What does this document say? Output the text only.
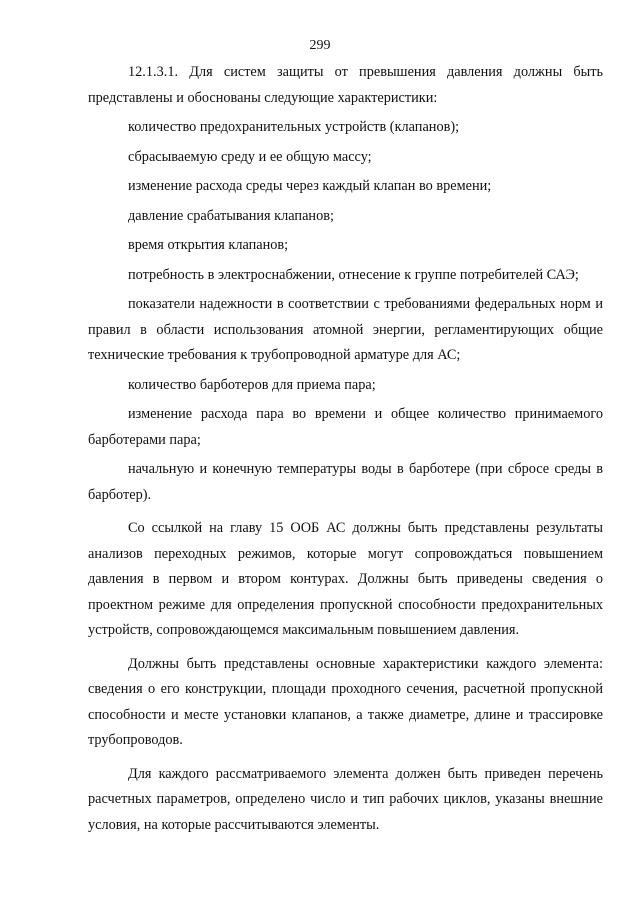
299

12.1.3.1. Для систем защиты от превышения давления должны быть представлены и обоснованы следующие характеристики:

количество предохранительных устройств (клапанов);

сбрасываемую среду и ее общую массу;

изменение расхода среды через каждый клапан во времени;

давление срабатывания клапанов;

время открытия клапанов;

потребность в электроснабжении, отнесение к группе потребителей САЭ;

показатели надежности в соответствии с требованиями федеральных норм и правил в области использования атомной энергии, регламентирующих общие технические требования к трубопроводной арматуре для АС;

количество барботеров для приема пара;

изменение расхода пара во времени и общее количество принимаемого барботерами пара;

начальную и конечную температуры воды в барботере (при сбросе среды в барботер).

Со ссылкой на главу 15 ООБ АС должны быть представлены результаты анализов переходных режимов, которые могут сопровождаться повышением давления в первом и втором контурах. Должны быть приведены сведения о проектном режиме для определения пропускной способности предохранительных устройств, сопровождающемся максимальным повышением давления.

Должны быть представлены основные характеристики каждого элемента: сведения о его конструкции, площади проходного сечения, расчетной пропускной способности и месте установки клапанов, а также диаметре, длине и трассировке трубопроводов.

Для каждого рассматриваемого элемента должен быть приведен перечень расчетных параметров, определено число и тип рабочих циклов, указаны внешние условия, на которые рассчитываются элементы.
